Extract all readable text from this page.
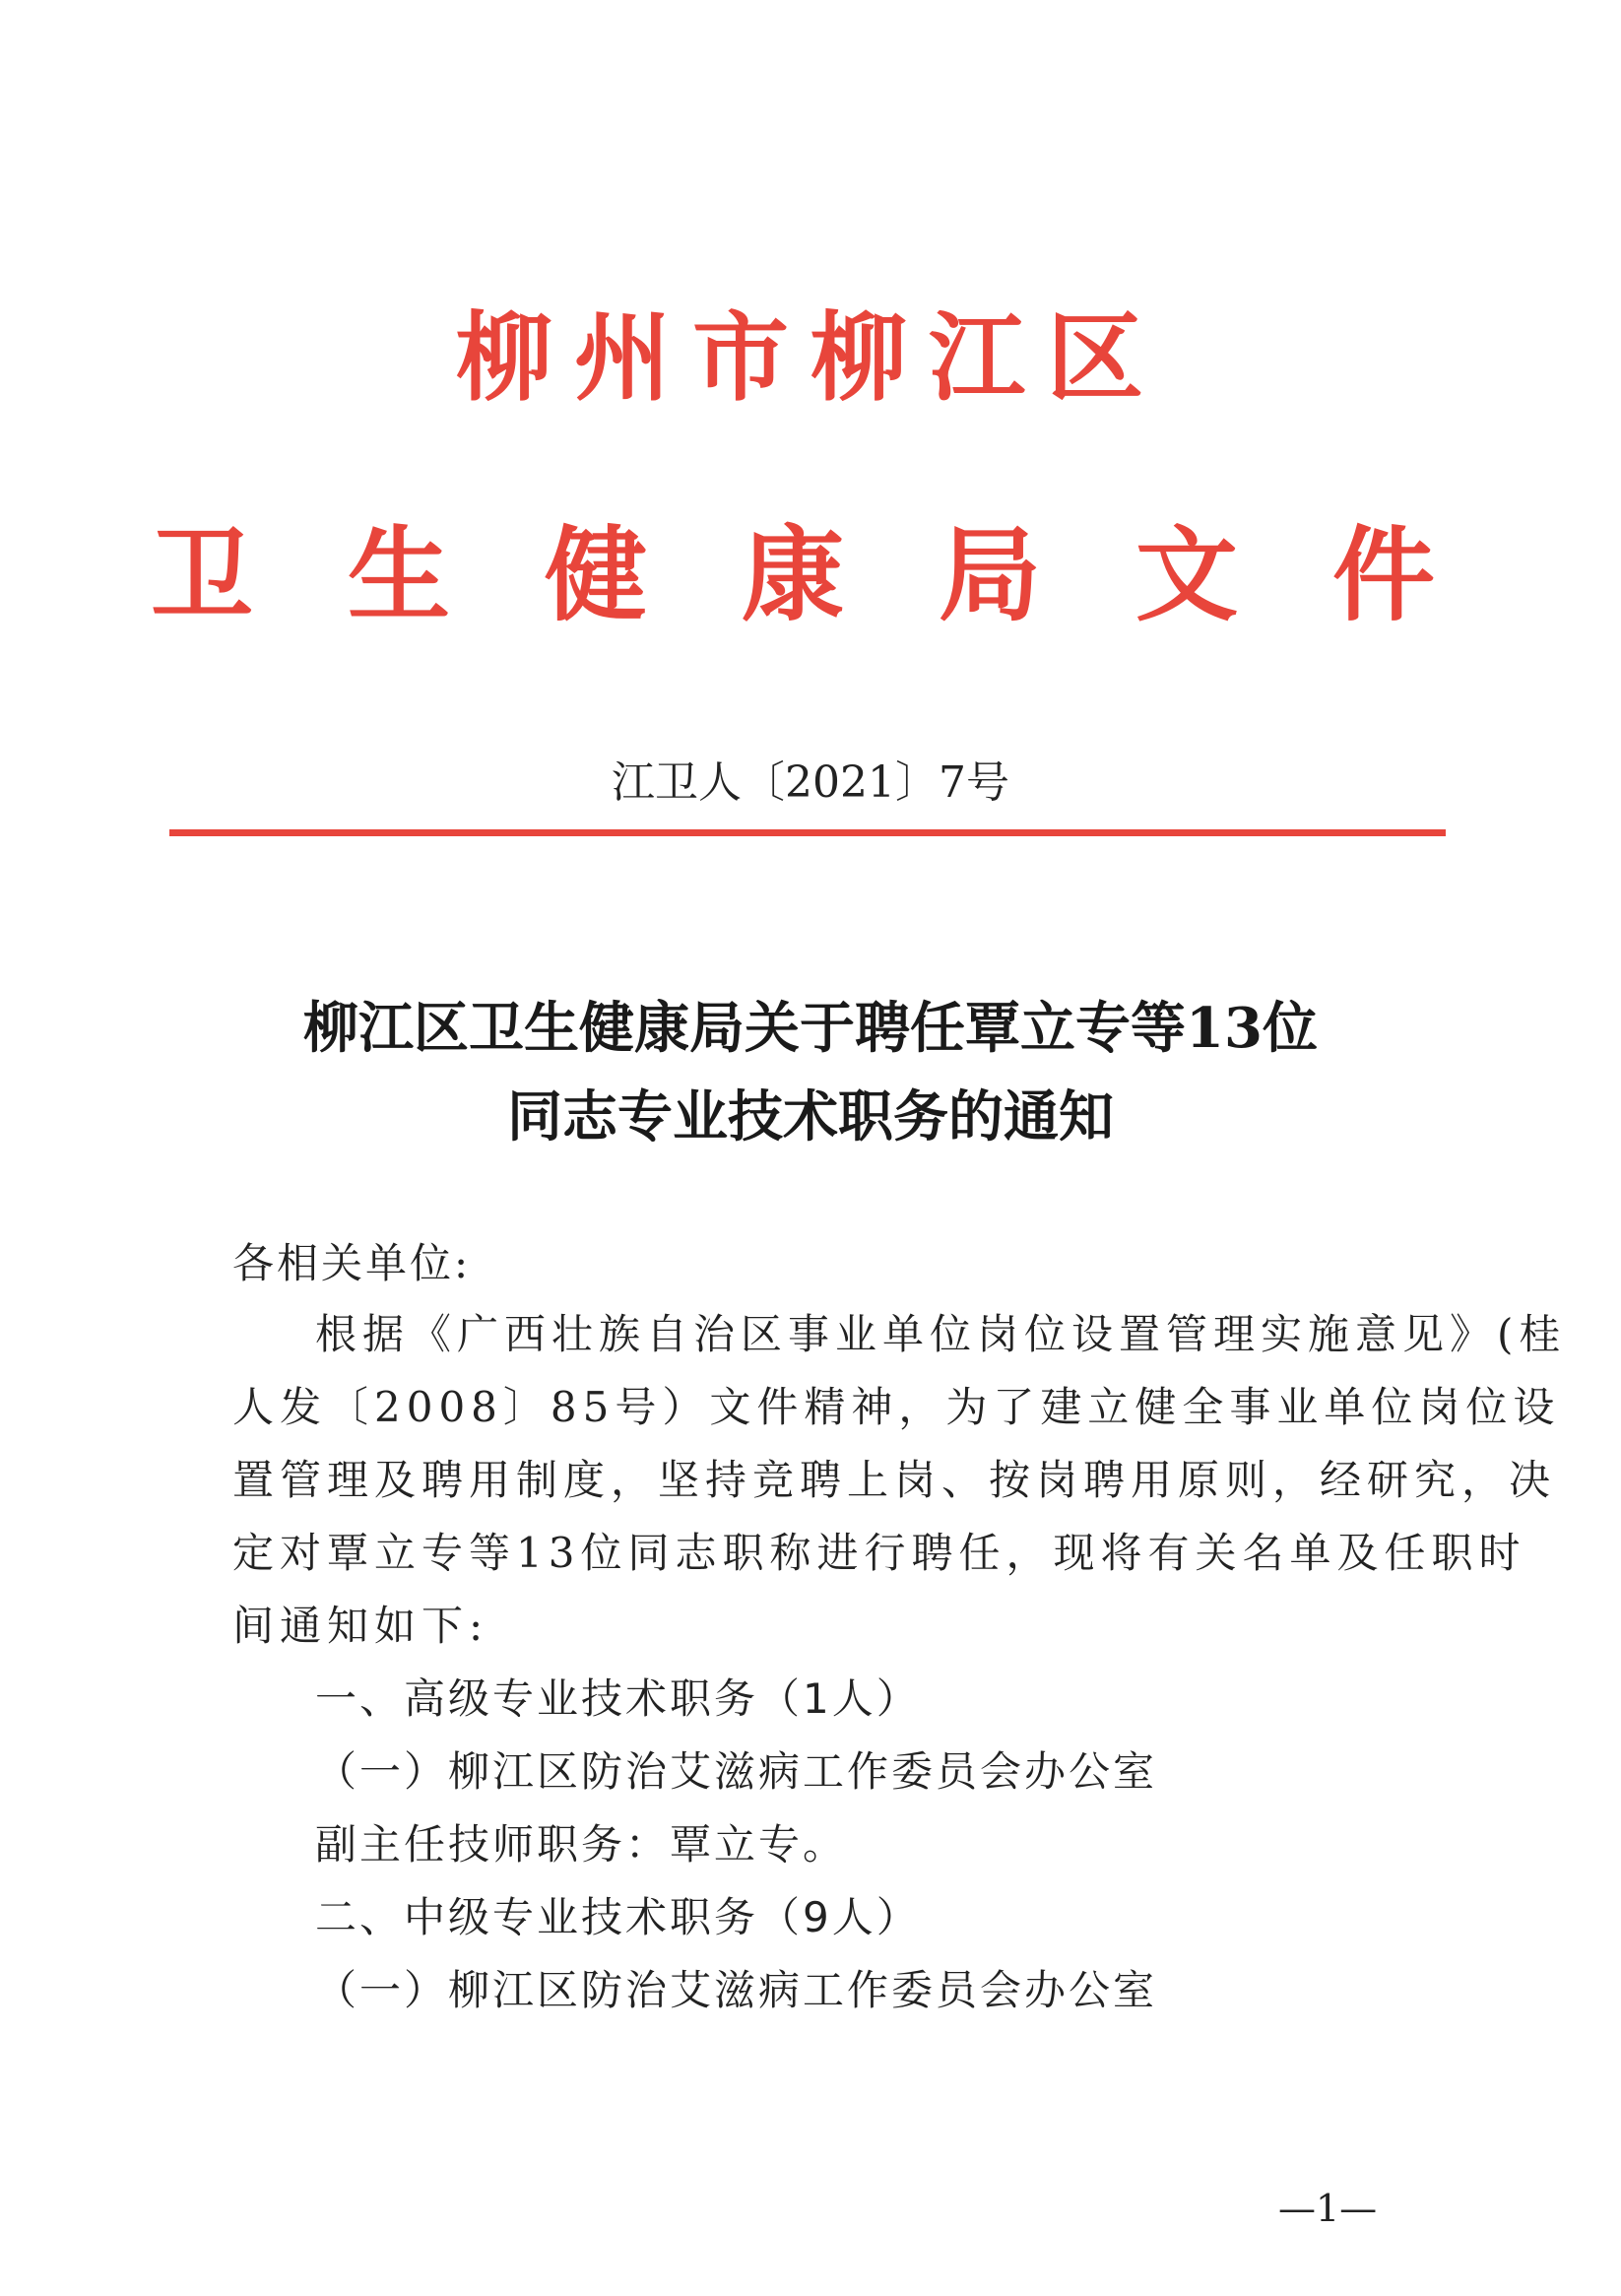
柳州市柳江区
卫生健康局文件
江卫人〔2021〕7号
柳江区卫生健康局关于聘任覃立专等13位
同志专业技术职务的通知
各相关单位:
根据《广西壮族自治区事业单位岗位设置管理实施意见》(桂
人发〔2008〕85号）文件精神，为了建立健全事业单位岗位设
置管理及聘用制度，坚持竞聘上岗、按岗聘用原则，经研究，决
定对覃立专等13位同志职称进行聘任，现将有关名单及任职时
间通知如下:
一、高级专业技术职务（1人）
（一）柳江区防治艾滋病工作委员会办公室
副主任技师职务：覃立专。
二、中级专业技术职务（9人）
（一）柳江区防治艾滋病工作委员会办公室
—1—
